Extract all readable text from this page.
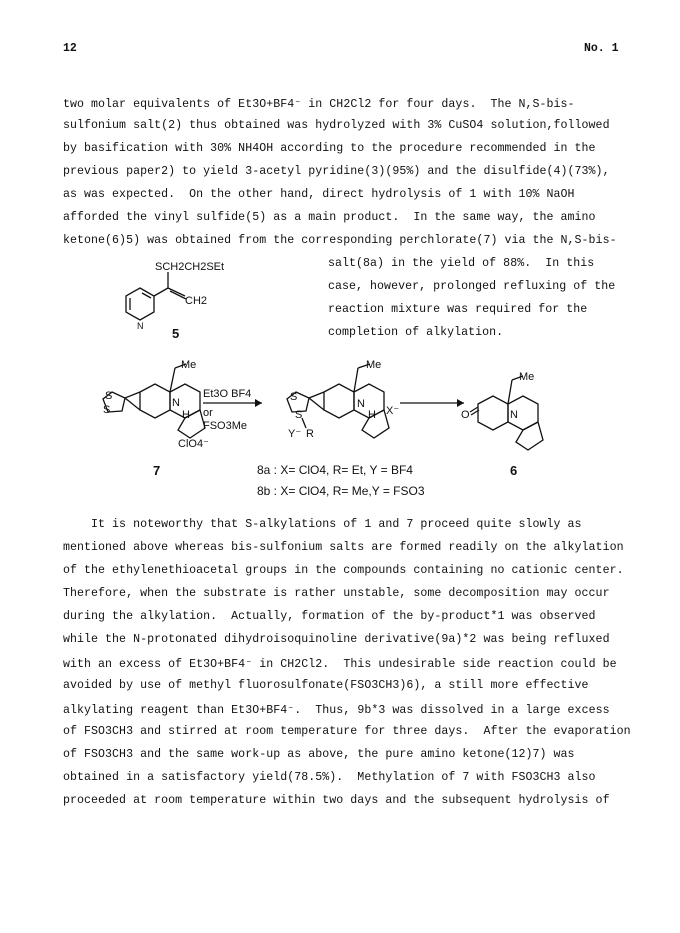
12	No. 1
two molar equivalents of Et3O+BF4⁻ in CH2Cl2 for four days.  The N,S-bis-
sulfonium salt(2) thus obtained was hydrolyzed with 3% CuSO4 solution,followed
by basification with 30% NH4OH according to the procedure recommended in the
previous paper2) to yield 3-acetyl pyridine(3)(95%) and the disulfide(4)(73%),
as was expected.  On the other hand, direct hydrolysis of 1 with 10% NaOH
afforded the vinyl sulfide(5) as a main product.  In the same way, the amino
ketone(6)5) was obtained from the corresponding perchlorate(7) via the N,S-bis-
salt(8a) in the yield of 88%.  In this
case, however, prolonged refluxing of the
reaction mixture was required for the
completion of alkylation.
SCH2CH2SEt
CH2
N 5
Me
S
S
N
H
ClO4⁻
7
Et3O BF4
or
FSO3Me
Me
S
S
N
H X⁻
Y⁻ R
Me
O	N
6
8a : X= ClO4, R= Et, Y = BF4
8b : X= ClO4, R= Me,Y = FSO3
It is noteworthy that S-alkylations of 1 and 7 proceed quite slowly as
mentioned above whereas bis-sulfonium salts are formed readily on the alkylation
of the ethylenethioacetal groups in the compounds containing no cationic center.
Therefore, when the substrate is rather unstable, some decomposition may occur
during the alkylation.  Actually, formation of the by-product*1 was observed
while the N-protonated dihydroisoquinoline derivative(9a)*2 was being refluxed
with an excess of Et3O+BF4⁻ in CH2Cl2.  This undesirable side reaction could be
avoided by use of methyl fluorosulfonate(FSO3CH3)6), a still more effective
alkylating reagent than Et3O+BF4⁻.  Thus, 9b*3 was dissolved in a large excess
of FSO3CH3 and stirred at room temperature for three days.  After the evaporation
of FSO3CH3 and the same work-up as above, the pure amino ketone(12)7) was
obtained in a satisfactory yield(78.5%).  Methylation of 7 with FSO3CH3 also
proceeded at room temperature within two days and the subsequent hydrolysis of
